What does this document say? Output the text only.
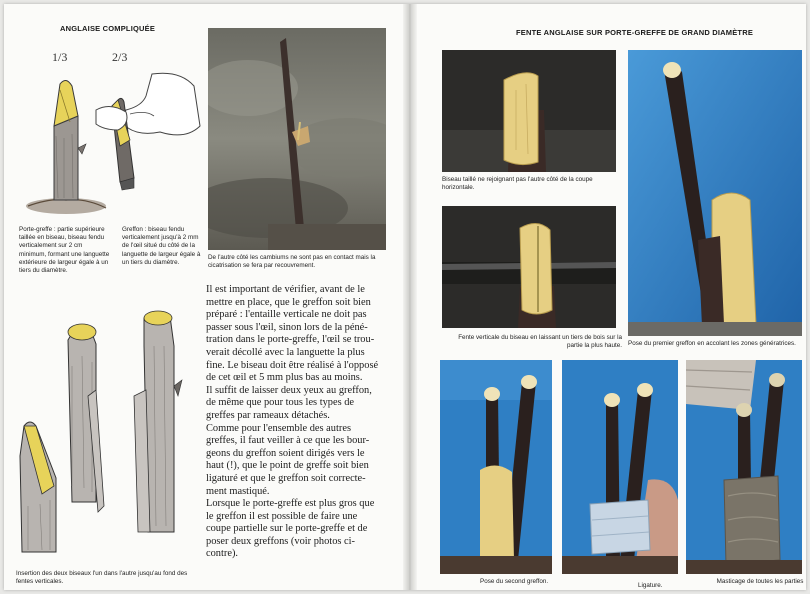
ANGLAISE COMPLIQUÉE
1/3	2/3
Porte-greffe : partie supérieure taillée en biseau, biseau fendu verticalement sur 2 cm minimum, formant une languette extérieure de largeur égale à un tiers du diamètre.
Greffon : biseau fendu verticalement jusqu'à 2 mm de l'œil situé du côté de la languette de largeur égale à un tiers du diamètre.
De l'autre côté les cambiums ne sont pas en contact mais la cicatrisation se fera par recouvrement.

Il est important de vérifier, avant de le

mettre en place, que le greffon soit bien

préparé : l'entaille verticale ne doit pas

passer sous l'œil, sinon lors de la péné-

tration dans le porte-greffe, l'œil se trou-

verait décollé avec la languette la plus

fine. Le biseau doit être réalisé à l'opposé

de cet œil et 5 mm plus bas au moins.

Il suffit de laisser deux yeux au greffon,

de même que pour tous les types de

greffes par rameaux détachés.

Comme pour l'ensemble des autres

greffes, il faut veiller à ce que les bour-

geons du greffon soient dirigés vers le

haut (!), que le point de greffe soit bien

ligaturé et que le greffon soit correcte-

ment mastiqué.

Lorsque le porte-greffe est plus gros que

le greffon il est possible de faire une

coupe partielle sur le porte-greffe et de

poser deux greffons (voir photos ci-

contre).

Insertion des deux biseaux l'un dans l'autre jusqu'au fond des fentes verticales.
FENTE ANGLAISE SUR PORTE-GREFFE DE GRAND DIAMÈTRE
Biseau taillé ne rejoignant pas l'autre côté de la coupe horizontale.
Fente verticale du biseau en laissant un tiers de bois sur la partie la plus haute. Pose du premier greffon en accolant les zones génératrices.
Pose du second greffon.
Ligature.
Masticage de toutes les parties
